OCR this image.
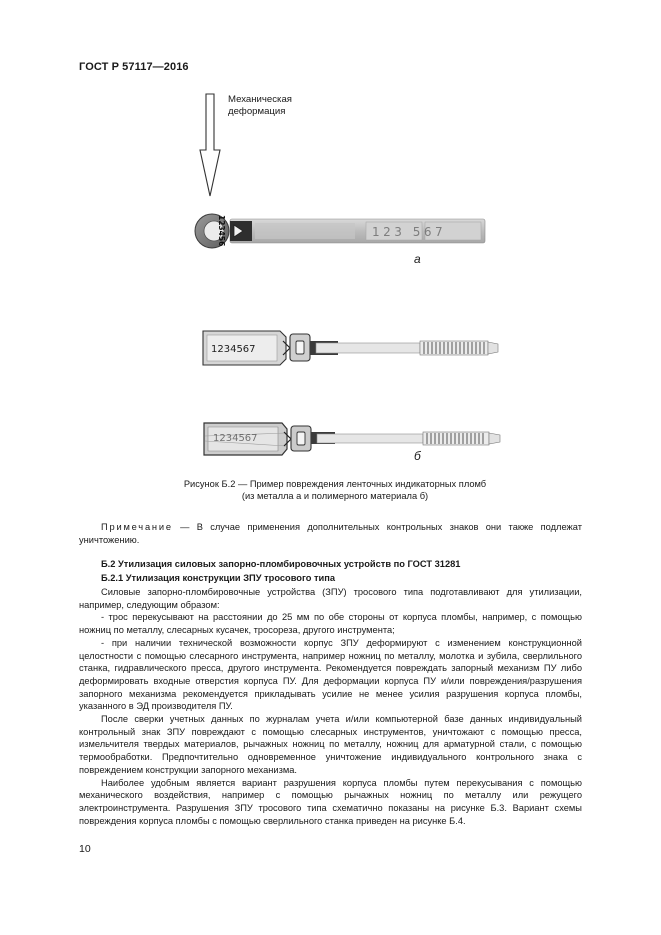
ГОСТ Р 57117—2016
Механическая
деформация
123 567
123456
1234567
1234567
а
б
Рисунок Б.2 — Пример повреждения ленточных индикаторных пломб
(из металла а и полимерного материала б)

Примечание — В случае применения дополнительных контрольных знаков они также подлежат уничтожению.

Б.2 Утилизация силовых запорно-пломбировочных устройств по ГОСТ 31281
Б.2.1 Утилизация конструкции ЗПУ тросового типа

Силовые запорно-пломбировочные устройства (ЗПУ) тросового типа подготавливают для утилизации, например, следующим образом:

- трос перекусывают на расстоянии до 25 мм по обе стороны от корпуса пломбы, например, с помощью ножниц по металлу, слесарных кусачек, тросореза, другого инструмента;

- при наличии технической возможности корпус ЗПУ деформируют с изменением конструкционной целостности с помощью слесарного инструмента, например ножниц по металлу, молотка и зубила, сверлильного станка, гидравлического пресса, другого инструмента. Рекомендуется повреждать запорный механизм ПУ либо деформировать входные отверстия корпуса ПУ. Для деформации корпуса ПУ и/или повреждения/разрушения запорного механизма рекомендуется прикладывать усилие не менее усилия разрушения корпуса пломбы, указанного в ЭД производителя ПУ.

После сверки учетных данных по журналам учета и/или компьютерной базе данных индивидуальный контрольный знак ЗПУ повреждают с помощью слесарных инструментов, уничтожают с помощью пресса, измельчителя твердых материалов, рычажных ножниц по металлу, ножниц для арматурной стали, с помощью термообработки. Предпочтительно одновременное уничтожение индивидуального контрольного знака с повреждением конструкции запорного механизма.

Наиболее удобным является вариант разрушения корпуса пломбы путем перекусывания с помощью механического воздействия, например с помощью рычажных ножниц по металлу или режущего электроинструмента. Разрушения ЗПУ тросового типа схематично показаны на рисунке Б.3. Вариант схемы повреждения корпуса пломбы с помощью сверлильного станка приведен на рисунке Б.4.

10
